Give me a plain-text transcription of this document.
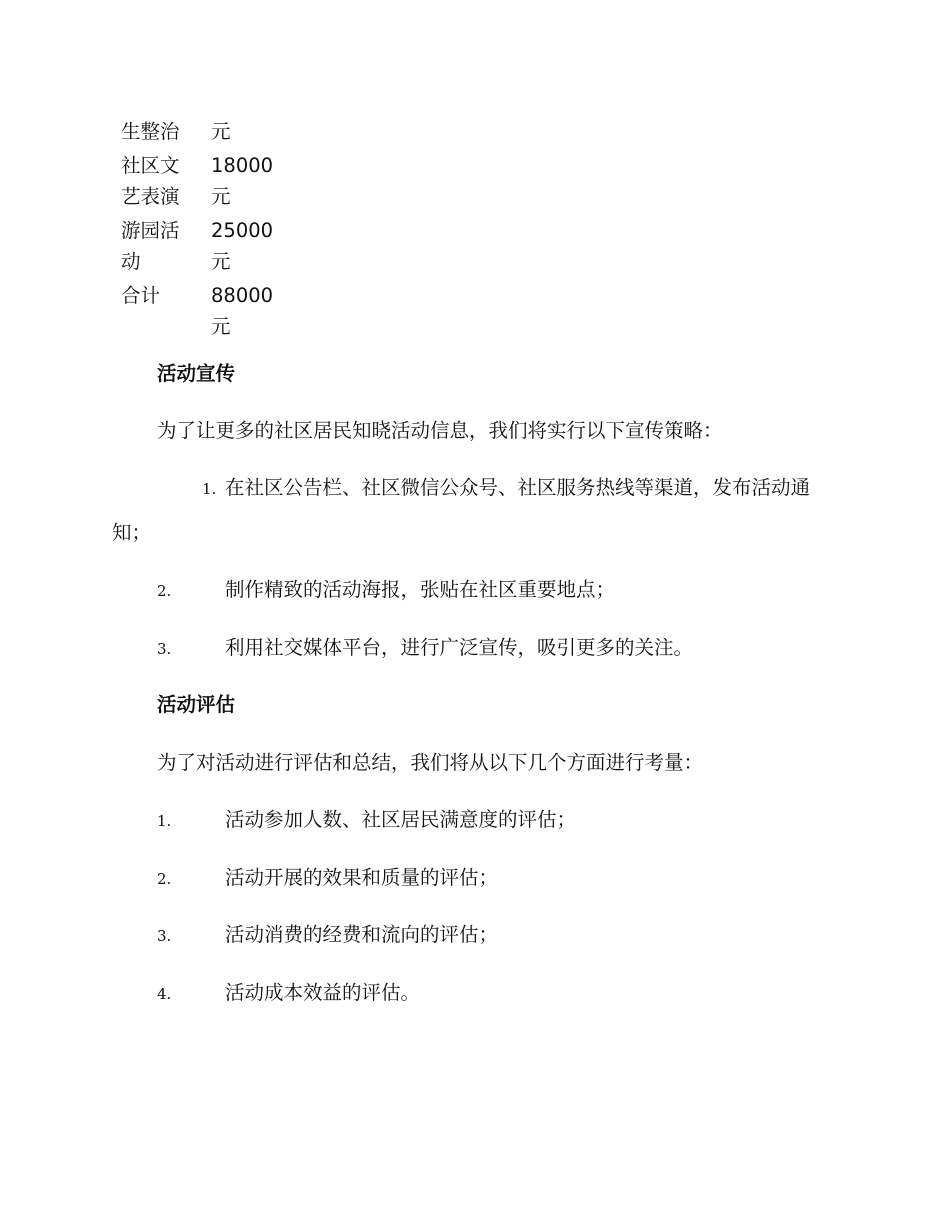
生整治	元
社区文艺表演	18000元
游园活动	25000元
合计	88000元
活动宣传

为了让更多的社区居民知晓活动信息，我们将实行以下宣传策略：

1. 在社区公告栏、社区微信公众号、社区服务热线等渠道，发布活动通知；

2.	制作精致的活动海报，张贴在社区重要地点；

3.	利用社交媒体平台，进行广泛宣传，吸引更多的关注。

活动评估

为了对活动进行评估和总结，我们将从以下几个方面进行考量：

1.	活动参加人数、社区居民满意度的评估；

2.	活动开展的效果和质量的评估；

3.	活动消费的经费和流向的评估；

4.	活动成本效益的评估。
